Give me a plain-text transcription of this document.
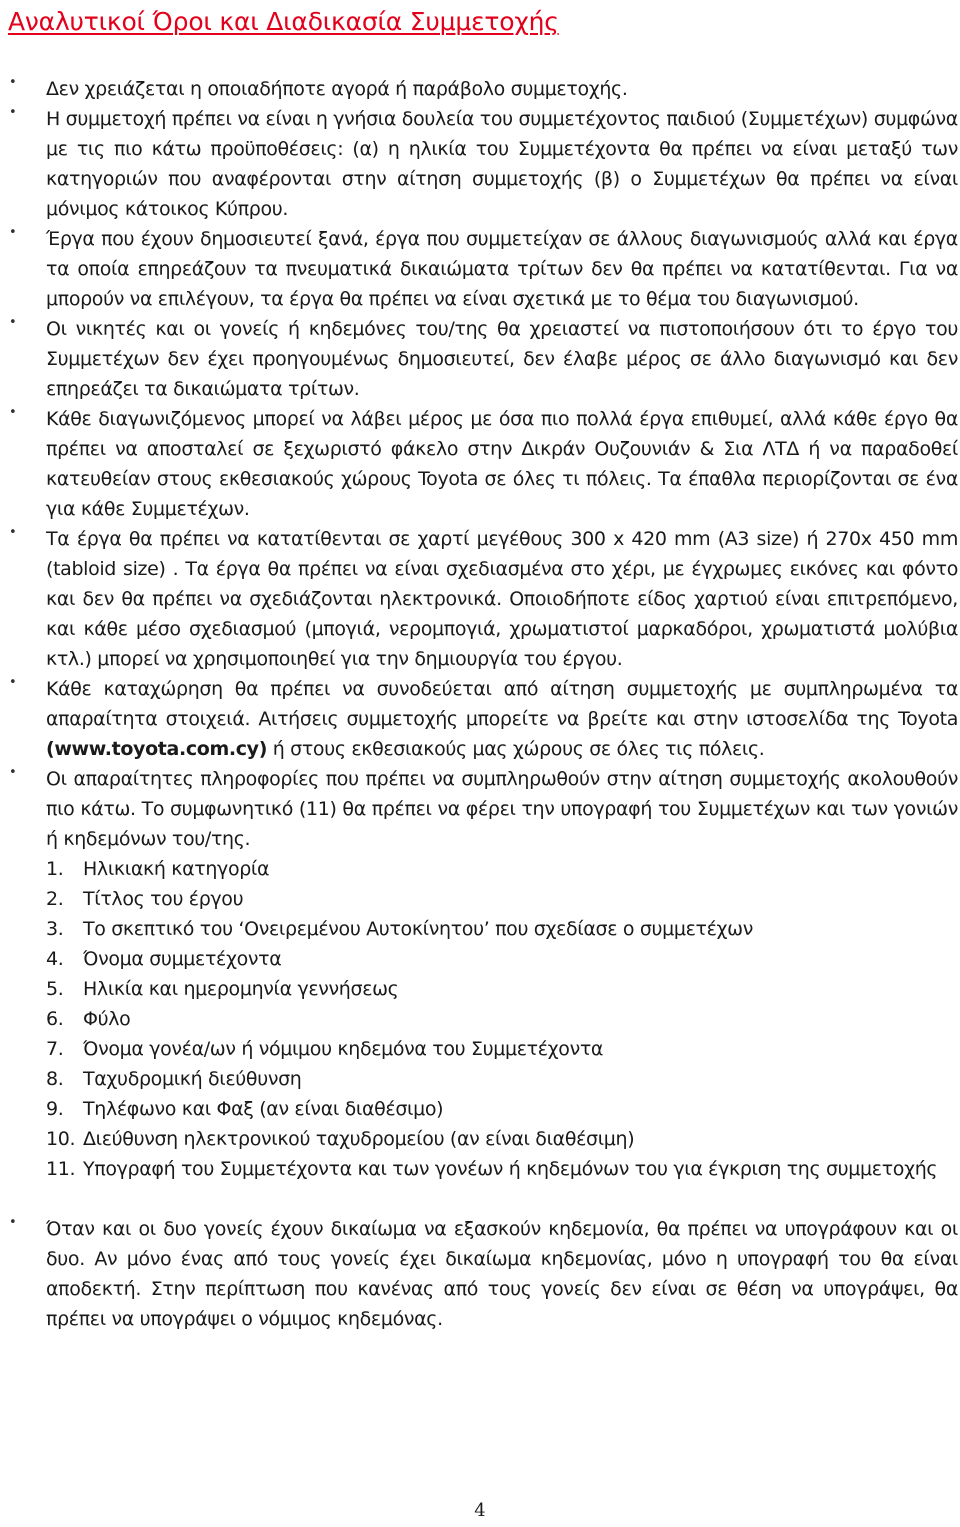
Αναλυτικοί Όροι και Διαδικασία Συμμετοχής
• Δεν χρειάζεται η οποιαδήποτε αγορά ή παράβολο συμμετοχής.
• Η συμμετοχή πρέπει να είναι η γνήσια δουλεία του συμμετέχοντος παιδιού (Συμμετέχων) συμφώνα με τις πιο κάτω προϋποθέσεις: (α) η ηλικία του Συμμετέχοντα θα πρέπει να είναι μεταξύ των κατηγοριών που αναφέρονται στην αίτηση συμμετοχής (β) ο Συμμετέχων θα πρέπει να είναι μόνιμος κάτοικος Κύπρου.
• Έργα που έχουν δημοσιευτεί ξανά, έργα που συμμετείχαν σε άλλους διαγωνισμούς αλλά και έργα τα οποία επηρεάζουν τα πνευματικά δικαιώματα τρίτων δεν θα πρέπει να κατατίθενται. Για να μπορούν να επιλέγουν, τα έργα θα πρέπει να είναι σχετικά με το θέμα του διαγωνισμού.
• Οι νικητές και οι γονείς ή κηδεμόνες του/της θα χρειαστεί να πιστοποιήσουν ότι το έργο του Συμμετέχων δεν έχει προηγουμένως δημοσιευτεί, δεν έλαβε μέρος σε άλλο διαγωνισμό και δεν επηρεάζει τα δικαιώματα τρίτων.
• Κάθε διαγωνιζόμενος μπορεί να λάβει μέρος με όσα πιο πολλά έργα επιθυμεί, αλλά κάθε έργο θα πρέπει να αποσταλεί σε ξεχωριστό φάκελο στην Δικράν Ουζουνιάν & Σια ΛΤΔ ή να παραδοθεί κατευθείαν στους εκθεσιακούς χώρους Toyota σε όλες τι πόλεις. Τα έπαθλα περιορίζονται σε ένα για κάθε Συμμετέχων.
• Τα έργα θα πρέπει να κατατίθενται σε χαρτί μεγέθους 300 x 420 mm (A3 size) ή 270x 450 mm (tabloid size) . Τα έργα θα πρέπει να είναι σχεδιασμένα στο χέρι, με έγχρωμες εικόνες και φόντο και δεν θα πρέπει να σχεδιάζονται ηλεκτρονικά. Οποιοδήποτε είδος χαρτιού είναι επιτρεπόμενο, και κάθε μέσο σχεδιασμού (μπογιά, νερομπογιά, χρωματιστοί μαρκαδόροι, χρωματιστά μολύβια κτλ.) μπορεί να χρησιμοποιηθεί για την δημιουργία του έργου.
• Κάθε καταχώρηση θα πρέπει να συνοδεύεται από αίτηση συμμετοχής με συμπληρωμένα τα απαραίτητα στοιχειά. Αιτήσεις συμμετοχής μπορείτε να βρείτε και στην ιστοσελίδα της Toyota (www.toyota.com.cy) ή στους εκθεσιακούς μας χώρους σε όλες τις πόλεις.
• Οι απαραίτητες πληροφορίες που πρέπει να συμπληρωθούν στην αίτηση συμμετοχής ακολουθούν πιο κάτω. Το συμφωνητικό (11) θα πρέπει να φέρει την υπογραφή του Συμμετέχων και των γονιών ή κηδεμόνων του/της.
1. Ηλικιακή κατηγορία
2. Τίτλος του έργου
3. Το σκεπτικό του ‘Ονειρεμένου Αυτοκίνητου’ που σχεδίασε ο συμμετέχων
4. Όνομα συμμετέχοντα
5. Ηλικία και ημερομηνία γεννήσεως
6. Φύλο
7. Όνομα γονέα/ων ή νόμιμου κηδεμόνα του Συμμετέχοντα
8. Ταχυδρομική διεύθυνση
9. Τηλέφωνο και Φαξ (αν είναι διαθέσιμο)
10. Διεύθυνση ηλεκτρονικού ταχυδρομείου (αν είναι διαθέσιμη)
11. Υπογραφή του Συμμετέχοντα και των γονέων ή κηδεμόνων του για έγκριση της συμμετοχής
• Όταν και οι δυο γονείς έχουν δικαίωμα να εξασκούν κηδεμονία, θα πρέπει να υπογράφουν και οι δυο. Αν μόνο ένας από τους γονείς έχει δικαίωμα κηδεμονίας, μόνο η υπογραφή του θα είναι αποδεκτή. Στην περίπτωση που κανένας από τους γονείς δεν είναι σε θέση να υπογράψει, θα πρέπει να υπογράψει ο νόμιμος κηδεμόνας.
4
